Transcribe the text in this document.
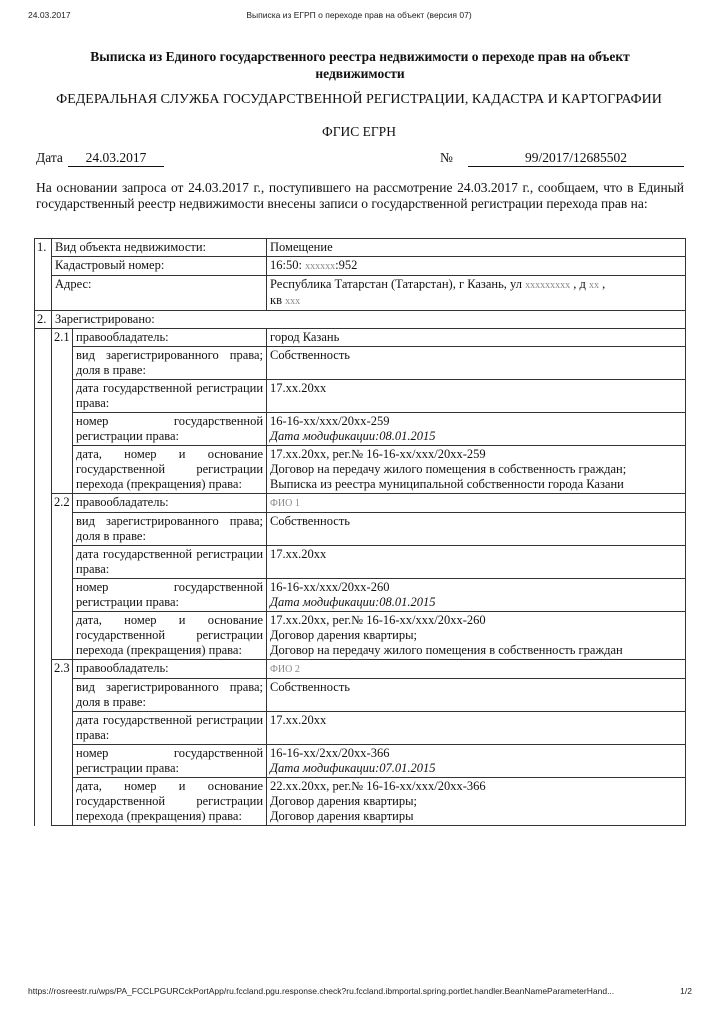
24.03.2017	Выписка из ЕГРП о переходе прав на объект (версия 07)
Выписка из Единого государственного реестра недвижимости о переходе прав на объект недвижимости
ФЕДЕРАЛЬНАЯ СЛУЖБА ГОСУДАРСТВЕННОЙ РЕГИСТРАЦИИ, КАДАСТРА И КАРТОГРАФИИ
ФГИС ЕГРН
Дата	24.03.2017	№	99/2017/12685502
На основании запроса от 24.03.2017 г., поступившего на рассмотрение 24.03.2017 г., сообщаем, что в Единый государственный реестр недвижимости внесены записи о государственной регистрации перехода прав на:
1.	Вид объекта недвижимости:		Помещение
	Кадастровый номер:		16:50: xxxxxx:952
	Адрес:		Республика Татарстан (Татарстан), г Казань, ул xxxxxxxxx , д xx ,
кв xxx
2.	Зарегистрировано:		
	2.1	правообладатель:	город Казань
		вид зарегистрированного права; доля в праве:	Собственность
		дата государственной регистрации права:	17.xx.20xx
		номер государственной регистрации права:	16-16-xx/xxx/20xx-259
Дата модификации:08.01.2015

		дата, номер и основание государственной регистрации перехода (прекращения) права:	17.xx.20xx, рег.№ 16-16-xx/xxx/20xx-259
Договор на передачу жилого помещения в собственность граждан;
Выписка из реестра муниципальной собственности города Казани

	2.2	правообладатель:	ФИО 1
		вид зарегистрированного права; доля в праве:	Собственность
		дата государственной регистрации права:	17.xx.20xx
		номер государственной регистрации права:	16-16-xx/xxx/20xx-260
Дата модификации:08.01.2015

		дата, номер и основание государственной регистрации перехода (прекращения) права:	17.xx.20xx, рег.№ 16-16-xx/xxx/20xx-260
Договор дарения квартиры;
Договор на передачу жилого помещения в собственность граждан

	2.3	правообладатель:	ФИО 2
		вид зарегистрированного права; доля в праве:	Собственность
		дата государственной регистрации права:	17.xx.20xx
		номер государственной регистрации права:	16-16-xx/2xx/20xx-366
Дата модификации:07.01.2015

		дата, номер и основание государственной регистрации перехода (прекращения) права:	22.xx.20xx, рег.№ 16-16-xx/xxx/20xx-366
Договор дарения квартиры;
Договор дарения квартиры
https://rosreestr.ru/wps/PA_FCCLPGURCckPortApp/ru.fccland.pgu.response.check?ru.fccland.ibmportal.spring.portlet.handler.BeanNameParameterHand...	1/2
